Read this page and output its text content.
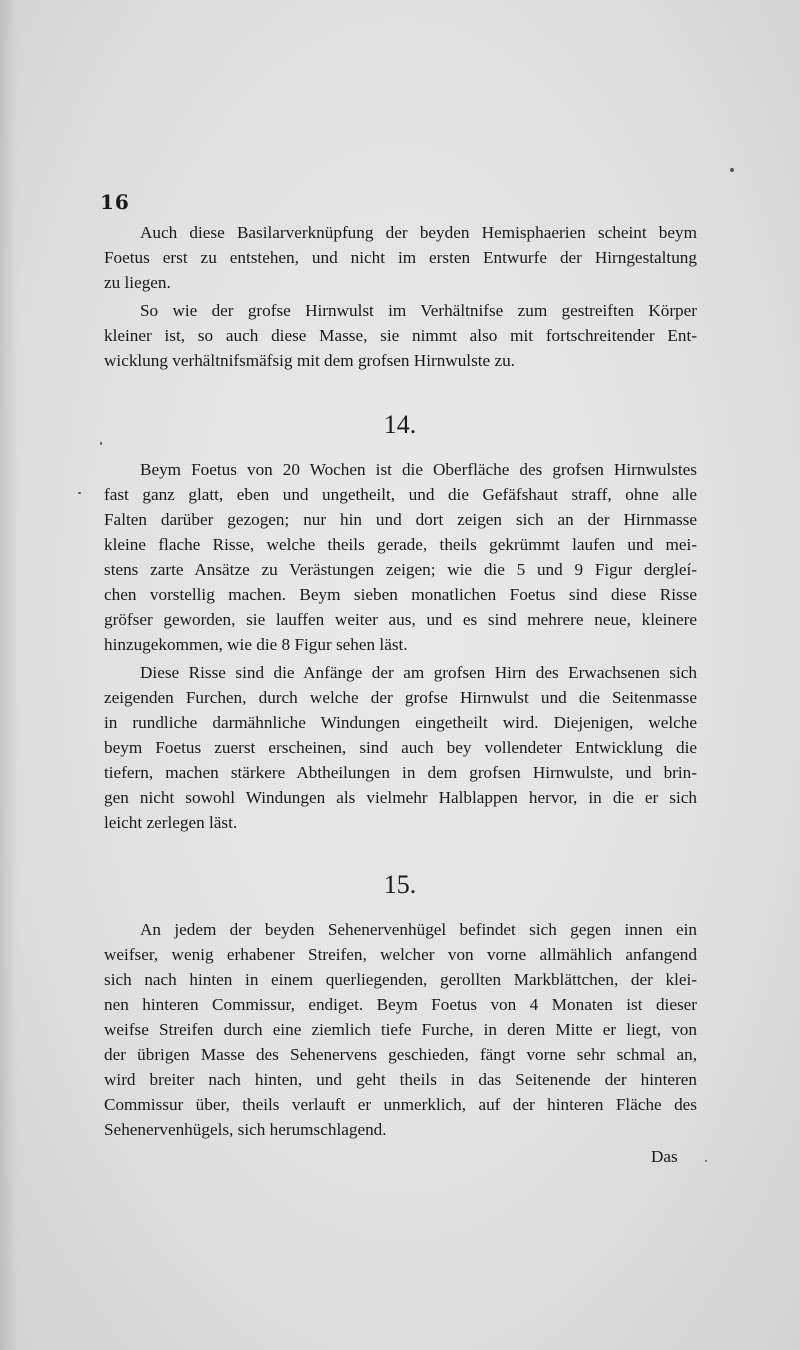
16
Auch diese Basilarverknüpfung der beyden Hemisphaerien scheint beym
Foetus erst zu entstehen, und nicht im ersten Entwurfe der Hirngestaltung
zu liegen.
So wie der grofse Hirnwulst im Verhältnifse zum gestreiften Körper
kleiner ist, so auch diese Masse, sie nimmt also mit fortschreitender Ent-
wicklung verhältnifsmäfsig mit dem grofsen Hirnwulste zu.
14.
Beym Foetus von 20 Wochen ist die Oberfläche des grofsen Hirnwulstes
fast ganz glatt, eben und ungetheilt, und die Gefäfshaut straff, ohne alle
Falten darüber gezogen; nur hin und dort zeigen sich an der Hirnmasse
kleine flache Risse, welche theils gerade, theils gekrümmt laufen und mei-
stens zarte Ansätze zu Verästungen zeigen; wie die 5 und 9 Figur dergleí-
chen vorstellig machen. Beym sieben monatlichen Foetus sind diese Risse
gröfser geworden, sie lauffen weiter aus, und es sind mehrere neue, kleinere
hinzugekommen, wie die 8 Figur sehen läst.
Diese Risse sind die Anfänge der am grofsen Hirn des Erwachsenen sich
zeigenden Furchen, durch welche der grofse Hirnwulst und die Seitenmasse
in rundliche darmähnliche Windungen eingetheilt wird. Diejenigen, welche
beym Foetus zuerst erscheinen, sind auch bey vollendeter Entwicklung die
tiefern, machen stärkere Abtheilungen in dem grofsen Hirnwulste, und brin-
gen nicht sowohl Windungen als vielmehr Halblappen hervor, in die er sich
leicht zerlegen läst.
15.
An jedem der beyden Sehenervenhügel befindet sich gegen innen ein
weifser, wenig erhabener Streifen, welcher von vorne allmählich anfangend
sich nach hinten in einem querliegenden, gerollten Markblättchen, der klei-
nen hinteren Commissur, endiget. Beym Foetus von 4 Monaten ist dieser
weifse Streifen durch eine ziemlich tiefe Furche, in deren Mitte er liegt, von
der übrigen Masse des Sehenervens geschieden, fängt vorne sehr schmal an,
wird breiter nach hinten, und geht theils in das Seitenende der hinteren
Commissur über, theils verlauft er unmerklich, auf der hinteren Fläche des
Sehenervenhügels, sich herumschlagend.
Das
